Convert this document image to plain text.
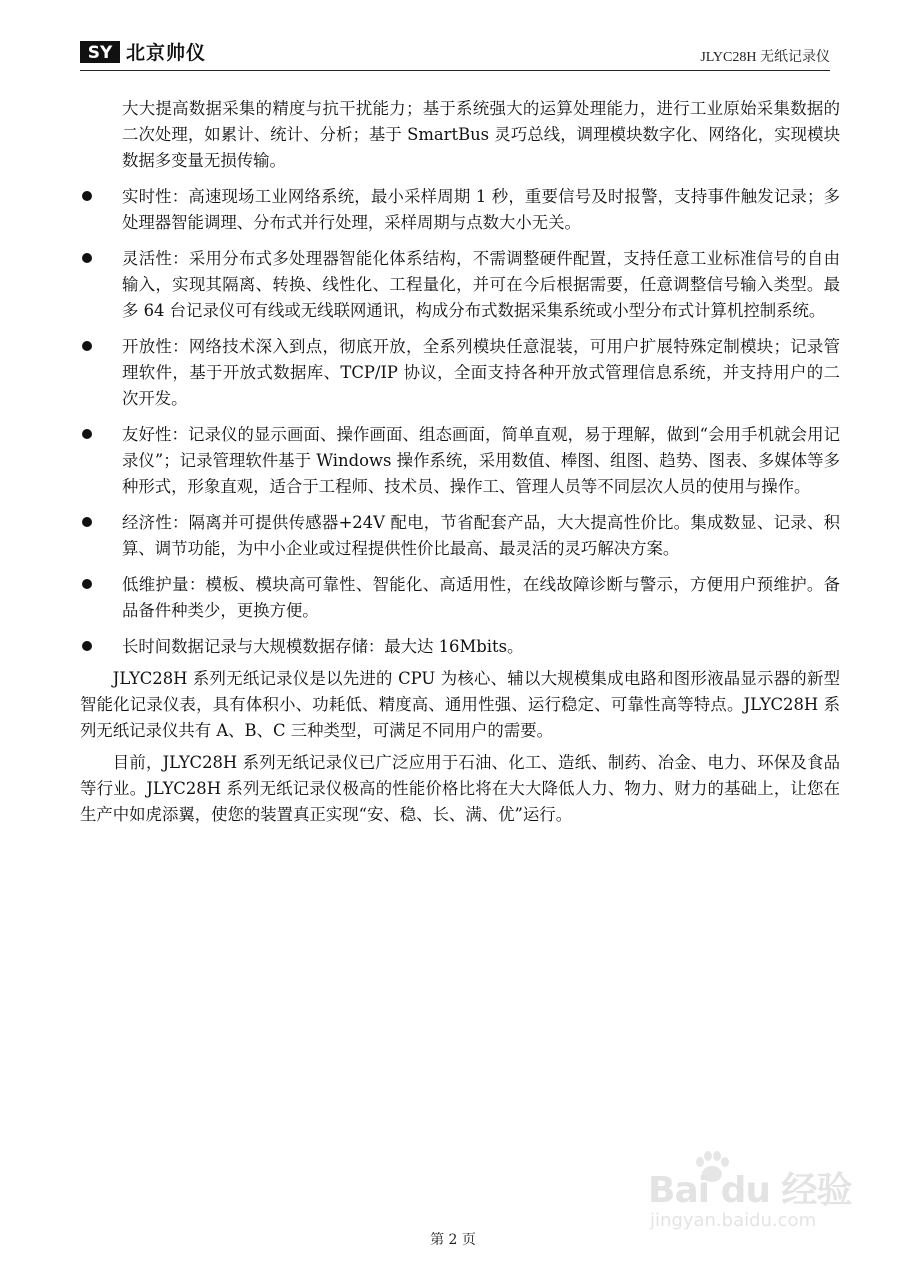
SY 北京帅仪	JLYC28H 无纸记录仪

大大提高数据采集的精度与抗干扰能力；基于系统强大的运算处理能力，进行工业原始采集数据的二次处理，如累计、统计、分析；基于 SmartBus 灵巧总线，调理模块数字化、网络化，实现模块数据多变量无损传输。

实时性：高速现场工业网络系统，最小采样周期 1 秒，重要信号及时报警，支持事件触发记录；多处理器智能调理、分布式并行处理，采样周期与点数大小无关。
灵活性：采用分布式多处理器智能化体系结构，不需调整硬件配置，支持任意工业标准信号的自由输入，实现其隔离、转换、线性化、工程量化，并可在今后根据需要，任意调整信号输入类型。最多 64 台记录仪可有线或无线联网通讯，构成分布式数据采集系统或小型分布式计算机控制系统。
开放性：网络技术深入到点，彻底开放，全系列模块任意混装，可用户扩展特殊定制模块；记录管理软件，基于开放式数据库、TCP/IP 协议，全面支持各种开放式管理信息系统，并支持用户的二次开发。
友好性：记录仪的显示画面、操作画面、组态画面，简单直观，易于理解，做到“会用手机就会用记录仪”；记录管理软件基于 Windows 操作系统，采用数值、棒图、组图、趋势、图表、多媒体等多种形式，形象直观，适合于工程师、技术员、操作工、管理人员等不同层次人员的使用与操作。
经济性：隔离并可提供传感器+24V 配电，节省配套产品，大大提高性价比。集成数显、记录、积算、调节功能，为中小企业或过程提供性价比最高、最灵活的灵巧解决方案。
低维护量：模板、模块高可靠性、智能化、高适用性，在线故障诊断与警示，方便用户预维护。备品备件种类少，更换方便。
长时间数据记录与大规模数据存储：最大达 16Mbits。

JLYC28H 系列无纸记录仪是以先进的 CPU 为核心、辅以大规模集成电路和图形液晶显示器的新型智能化记录仪表，具有体积小、功耗低、精度高、通用性强、运行稳定、可靠性高等特点。JLYC28H 系列无纸记录仪共有 A、B、C 三种类型，可满足不同用户的需要。

目前，JLYC28H 系列无纸记录仪已广泛应用于石油、化工、造纸、制药、冶金、电力、环保及食品等行业。JLYC28H 系列无纸记录仪极高的性能价格比将在大大降低人力、物力、财力的基础上，让您在生产中如虎添翼，使您的装置真正实现“安、稳、长、满、优”运行。

Bai du 经验
jingyan.baidu.com
第 2 页
